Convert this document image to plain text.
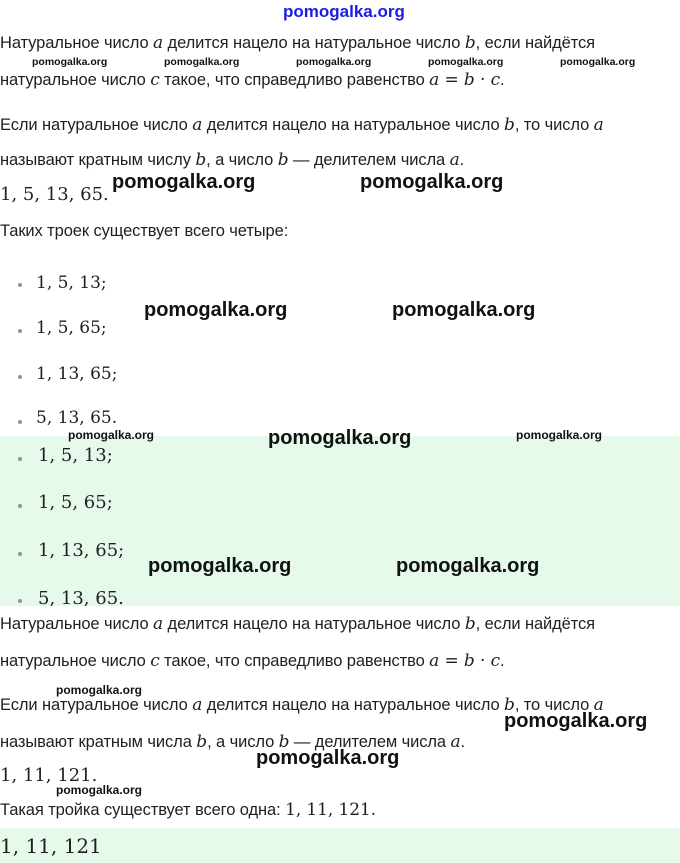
pomogalka.org
Натуральное число a делится нацело на натуральное число b, если найдётся
натуральное число c такое, что справедливо равенство a = b · c.
Если натуральное число a делится нацело на натуральное число b, то число a
называют кратным числу b, а число b — делителем числа a.
1, 5, 13, 65.
Таких троек существует всего четыре:
1, 5, 13;
1, 5, 65;
1, 13, 65;
5, 13, 65.
1, 5, 13;
1, 5, 65;
1, 13, 65;
5, 13, 65.
Натуральное число a делится нацело на натуральное число b, если найдётся
натуральное число c такое, что справедливо равенство a = b · c.
Если натуральное число a делится нацело на натуральное число b, то число a
называют кратным числа b, а число b — делителем числа a.
1, 11, 121.
Такая тройка существует всего одна: 1, 11, 121.
1, 11, 121
pomogalka.org	pomogalka.org	pomogalka.org	pomogalka.org	pomogalka.org
pomogalka.org	pomogalka.org
pomogalka.org	pomogalka.org
pomogalka.org	pomogalka.org	pomogalka.org
pomogalka.org	pomogalka.org
pomogalka.org
pomogalka.org
pomogalka.org
pomogalka.org
